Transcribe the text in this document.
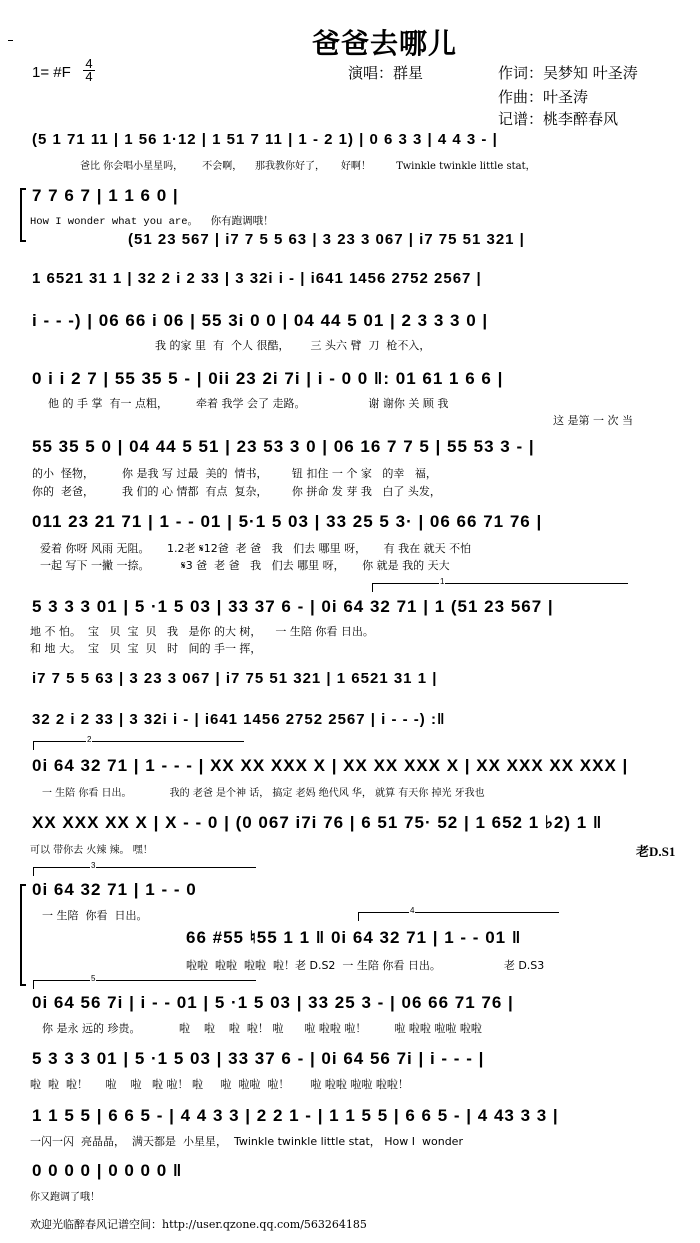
爸爸去哪儿
1= #F
4
4	演唱：群星	作词：吴梦知 叶圣涛
作曲：叶圣涛
记谱：桃李醉春风
1
2
3
4
5
(5 1 71 11 | 1 56 1·12 | 1 51 7 11 | 1 - 2 1) | 0 6 3 3 | 4 4 3 - |
爸比 你会唱小星星吗，      不会啊，    那我教你好了，     好啊！        Twinkle twinkle little stat，
7 7 6 7 | 1 1 6 0 |
How I wonder what you are。  你有跑调哦！
(51 23 567 | i7 7 5 5 63 | 3 23 3 067 | i7 75 51 321 |
1 6521 31 1 | 32 2 i 2 33 | 3 32i i - | i641 1456 2752 2567 |
i - - -) | 06 66 i 06 | 55 3i 0 0 | 04 44 5 01 | 2 3 3 3 0 |
我 的家 里  有  个人 很酷，      三 头六 臂  刀  枪不入，
0 i i 2 7 | 55 35 5 - | 0ii 23 2i 7i | i - 0 0 ‖: 01 61 1 6 6 |
他 的 手 掌  有一 点粗，        牵着 我学 会了 走路。                  谢 谢你 关 顾 我
这 是第 一 次 当
55 35 5 0 | 04 44 5 51 | 23 53 3 0 | 06 16 7 7 5 | 55 53 3 - |
的小  怪物，        你 是我 写 过最  美的  情书，       钮 扣住 一 个 家   的幸   福，
你的  老爸，        我 们的 心 情都  有点  复杂，       你 拼命 发 芽 我   白了 头发，
011 23 21 71 | 1 - - 01 | 5·1 5 03 | 33 25 5 3· | 06 66 71 76 |
爱着 你呀 风雨 无阻。     1.2老 𝄋12爸  老 爸   我   们去 哪里 呀，     有 我在 就天 不怕
一起 写下 一撇 一捺。         𝄋3 爸  老 爸   我   们去 哪里 呀，     你 就是 我的 天大
5 3 3 3 01 | 5 ·1 5 03 | 33 37 6 - | 0i 64 32 71 | 1 (51 23 567 |
地 不 怕。  宝   贝  宝  贝   我   是你 的大 树，    一 生陪 你看 日出。
和 地 大。  宝   贝  宝  贝   时   间的 手一 挥，
i7 7 5 5 63 | 3 23 3 067 | i7 75 51 321 | 1 6521 31 1 |
32 2 i 2 33 | 3 32i i - | i641 1456 2752 2567 | i - - -) :‖
0i 64 32 71 | 1 - - - | XX XX XXX X | XX XX XXX X | XX XXX XX XXX |
一 生陪 你看 日出。            我的 老爸 是个神 话， 搞定 老妈 绝代风 华， 就算 有天你 掉光 牙我也
XX XXX XX X | X - - 0 | (0 067 i7i 76 | 6 51 75· 52 | 1 652 1 ♭2) 1 ‖
可以 带你去 火辣 辣。 嘿！	老D.S1
0i 64 32 71 | 1 - - 0
一 生陪  你看  日出。
66 #55 ♮55 1 1 ‖ 0i 64 32 71 | 1 - - 01 ‖
啦啦  啦啦  啦啦  啦！老 D.S2  一 生陪 你看 日出。                  老 D.S3
0i 64 56 7i | i - - 01 | 5 ·1 5 03 | 33 25 3 - | 06 66 71 76 |
你 是永 远的 珍贵。           啦    啦    啦  啦！ 啦      啦 啦啦 啦！        啦 啦啦 啦啦 啦啦
5 3 3 3 01 | 5 ·1 5 03 | 33 37 6 - | 0i 64 56 7i | i - - - |
啦  啦  啦！     啦    啦   啦 啦！ 啦     啦  啦啦  啦！      啦 啦啦 啦啦 啦啦！
1 1 5 5 | 6 6 5 - | 4 4 3 3 | 2 2 1 - | 1 1 5 5 | 6 6 5 - | 4 43 3 3 |
一闪一闪  亮晶晶，  满天都是  小星星，  Twinkle twinkle little stat， How I  wonder
0 0 0 0 | 0 0 0 0 ‖
你又跑调了哦！
欢迎光临醉春风记谱空间：http://user.qzone.qq.com/563264185
